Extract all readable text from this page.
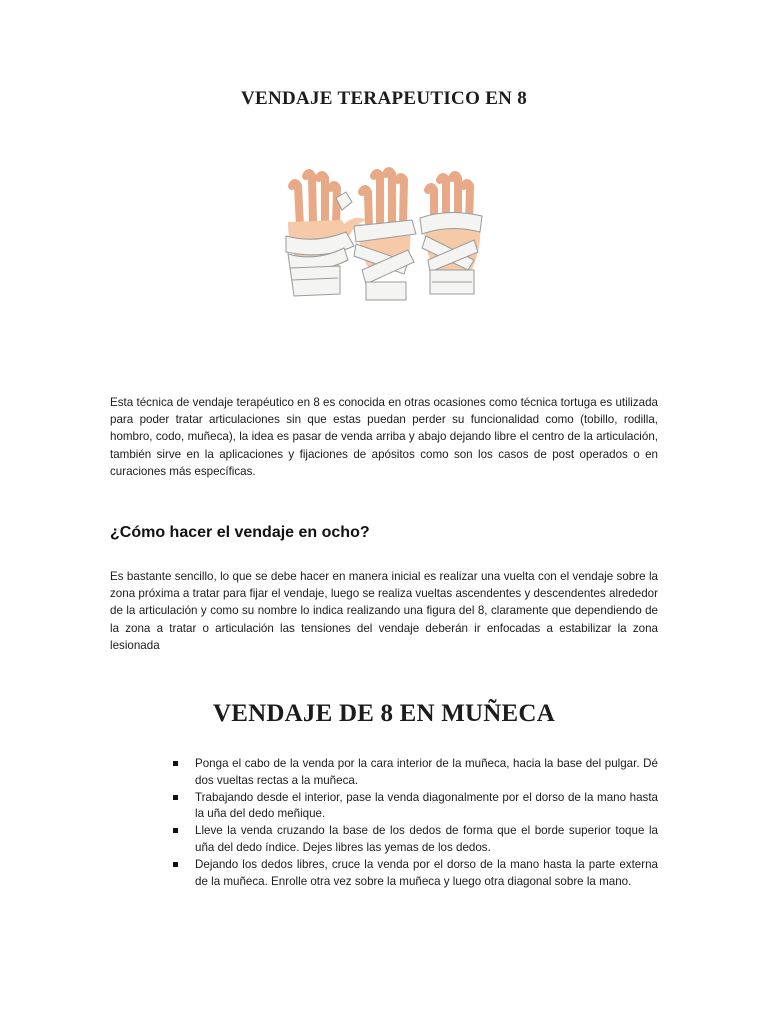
VENDAJE TERAPEUTICO EN 8

Esta técnica de vendaje terapéutico en 8 es conocida en otras ocasiones como técnica tortuga es utilizada para poder tratar articulaciones sin que estas puedan perder su funcionalidad como (tobillo, rodilla, hombro, codo, muñeca), la idea es pasar de venda arriba y abajo dejando libre el centro de la articulación, también sirve en la aplicaciones y fijaciones de apósitos como son los casos de post operados o en curaciones más específicas.

¿Cómo hacer el vendaje en ocho?

Es bastante sencillo, lo que se debe hacer en manera inicial es realizar una vuelta con el vendaje sobre la zona próxima a tratar para fijar el vendaje, luego se realiza vueltas ascendentes y descendentes alrededor de la articulación y como su nombre lo indica realizando una figura del 8, claramente que dependiendo de la zona a tratar o articulación las tensiones del vendaje deberán ir enfocadas a estabilizar la zona lesionada

VENDAJE DE 8 EN MUÑECA
Ponga el cabo de la venda por la cara interior de la muñeca, hacia la base del pulgar. Dé dos vueltas rectas a la muñeca.
Trabajando desde el interior, pase la venda diagonalmente por el dorso de la mano hasta la uña del dedo meñique.
Lleve la venda cruzando la base de los dedos de forma que el borde superior toque la uña del dedo índice. Dejes libres las yemas de los dedos.
Dejando los dedos libres, cruce la venda por el dorso de la mano hasta la parte externa de la muñeca. Enrolle otra vez sobre la muñeca y luego otra diagonal sobre la mano.
